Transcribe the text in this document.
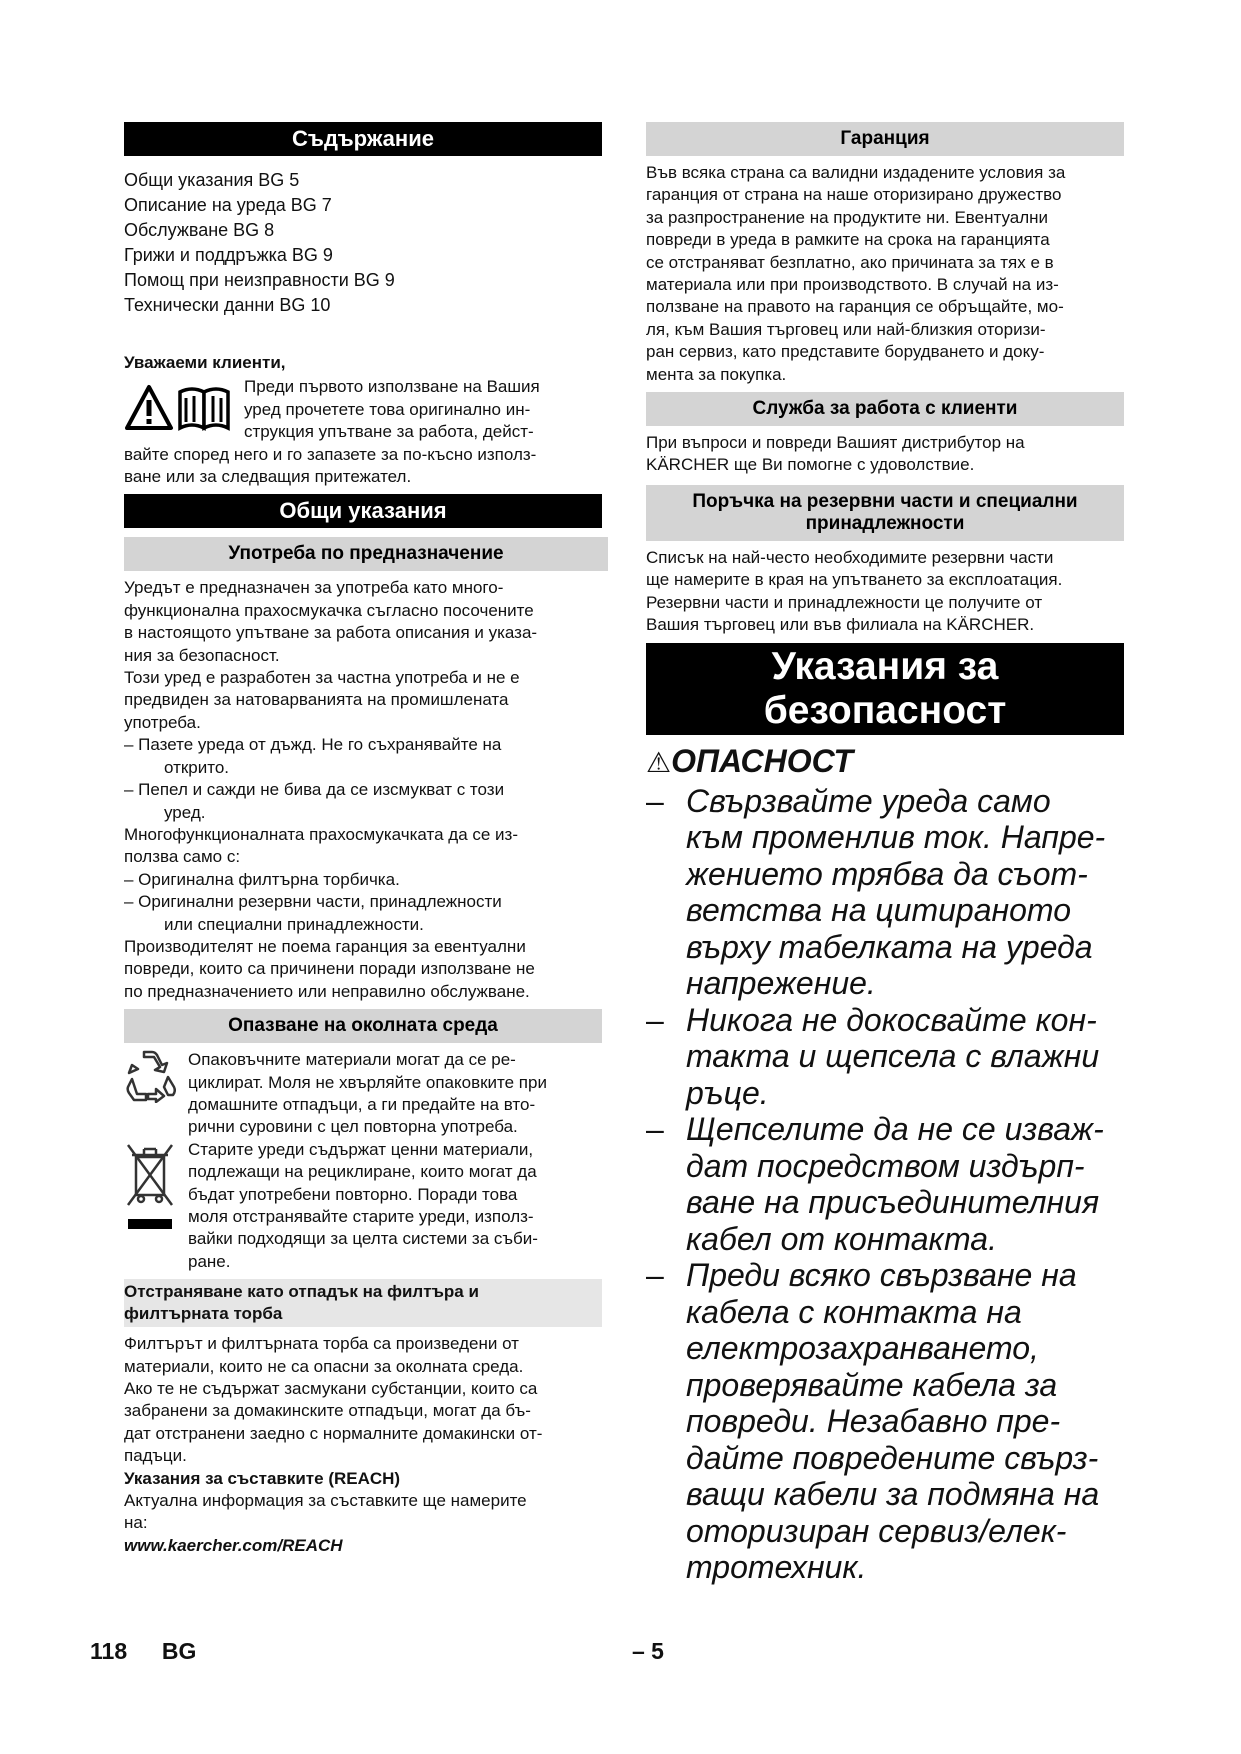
Съдържание
Общи указания BG 5
Описание на уреда BG 7
Обслужване BG 8
Грижи и поддръжка BG 9
Помощ при неизправности BG 9
Технически данни BG 10
Уважаеми клиенти,
Преди първото използване на Вашия
уред прочетете това оригинално ин-
струкция упътване за работа, дейст-
вайте според него и го запазете за по-късно използ-
ване или за следващия притежател.
Общи указания
Употреба по предназначение
Уредът е предназначен за употреба като много-
функционална прахосмукачка съгласно посочените
в настоящото упътване за работа описания и указа-
ния за безопасност.
Този уред е разработен за частна употреба и не е
предвиден за натоварванията на промишлената
употреба.
– Пазете уреда от дъжд. Не го съхранявайте на
открито.
– Пепел и сажди не бива да се изсмукват с този
уред.
Многофункционалната прахосмукачката да се из-
ползва само с:
– Оригинална филтърна торбичка.
– Оригинални резервни части, принадлежности
или специални принадлежности.
Производителят не поема гаранция за евентуални
повреди, които са причинени поради използване не
по предназначението или неправилно обслужване.
Опазване на околната среда
Опаковъчните материали могат да се ре-
циклират. Моля не хвърляйте опаковките при
домашните отпадъци, а ги предайте на вто-
рични суровини с цел повторна употреба.
Старите уреди съдържат ценни материали,
подлежащи на рециклиране, които могат да
бъдат употребени повторно. Поради това
моля отстранявайте старите уреди, използ-
вайки подходящи за целта системи за съби-
ране.
Отстраняване като отпадък на филтъра и
филтърната торба
Филтърът и филтърната торба са произведени от
материали, които не са опасни за околната среда.
Ако те не съдържат засмукани субстанции, които са
забранени за домакинските отпадъци, могат да бъ-
дат отстранени заедно с нормалните домакински от-
падъци.
Указания за съставките (REACH)
Актуална информация за съставките ще намерите
на:
www.kaercher.com/REACH
Гаранция
Във всяка страна са валидни издадените условия за
гаранция от страна на наше оторизирано дружество
за разпространение на продуктите ни. Евентуални
повреди в уреда в рамките на срока на гаранцията
се отстраняват безплатно, ако причината за тях е в
материала или при производството. В случай на из-
ползване на правото на гаранция се обръщайте, мо-
ля, към Вашия търговец или най-близкия оторизи-
ран сервиз, като представите борудването и доку-
мента за покупка.
Служба за работа с клиенти
При въпроси и повреди Вашият дистрибутор на
KÄRCHER ще Ви помогне с удоволствие.
Поръчка на резервни части и специални
принадлежности
Списък на най-често необходимите резервни части
ще намерите в края на упътването за експлоатация.
Резервни части и принадлежности це получите от
Вашия търговец или във филиала на KÄRCHER.
Указания за
безопасност
⚠ОПАСНОСТ
– Свързвайте уреда само
към променлив ток. Напре-
жението трябва да съот-
ветства на цитираното
върху табелката на уреда
напрежение.
– Никога не докосвайте кон-
такта и щепсела с влажни
ръце.
– Щепселите да не се изваж-
дат посредством издърп-
ване на присъединителния
кабел от контакта.
– Преди всяко свързване на
кабела с контакта на
електрозахранването,
проверявайте кабела за
повреди. Незабавно пре-
дайте повредените свърз-
ващи кабели за подмяна на
оторизиран сервиз/елек-
тротехник.
118 BG	– 5
